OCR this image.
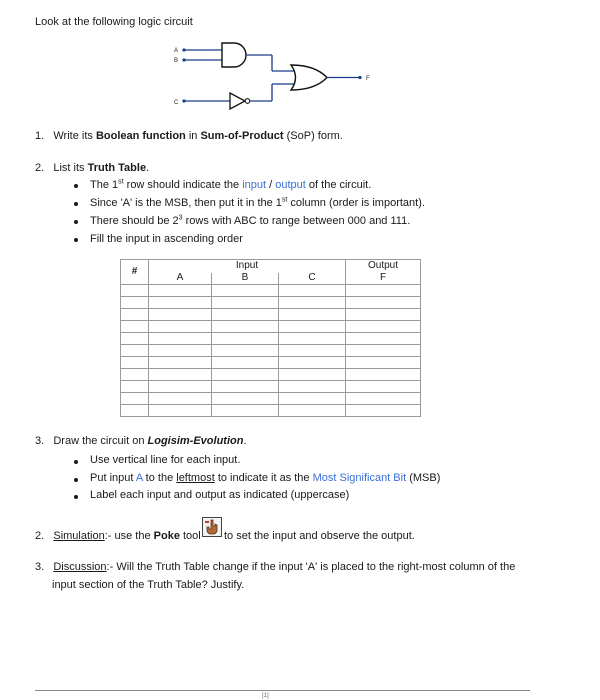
Look at the following logic circuit
A
B
C
F
1. Write its Boolean function in Sum-of-Product (SoP) form.
2. List its Truth Table.
The 1st row should indicate the input / output of the circuit.
Since 'A' is the MSB, then put it in the 1st column (order is important).
There should be $2^3$ rows with ABC to range between 000 and 111.
Fill the input in ascending order
#	Input			Output
	A	B	C	F

3. Draw the circuit on Logisim-Evolution.
Use vertical line for each input.
Put input A to the leftmost to indicate it as the Most Significant Bit (MSB)
Label each input and output as indicated (uppercase)
2. Simulation:- use the Poke tool to set the input and observe the output.
3. Discussion:- Will the Truth Table change if the input 'A' is placed to the right-most column of the
input section of the Truth Table? Justify.
[1]
